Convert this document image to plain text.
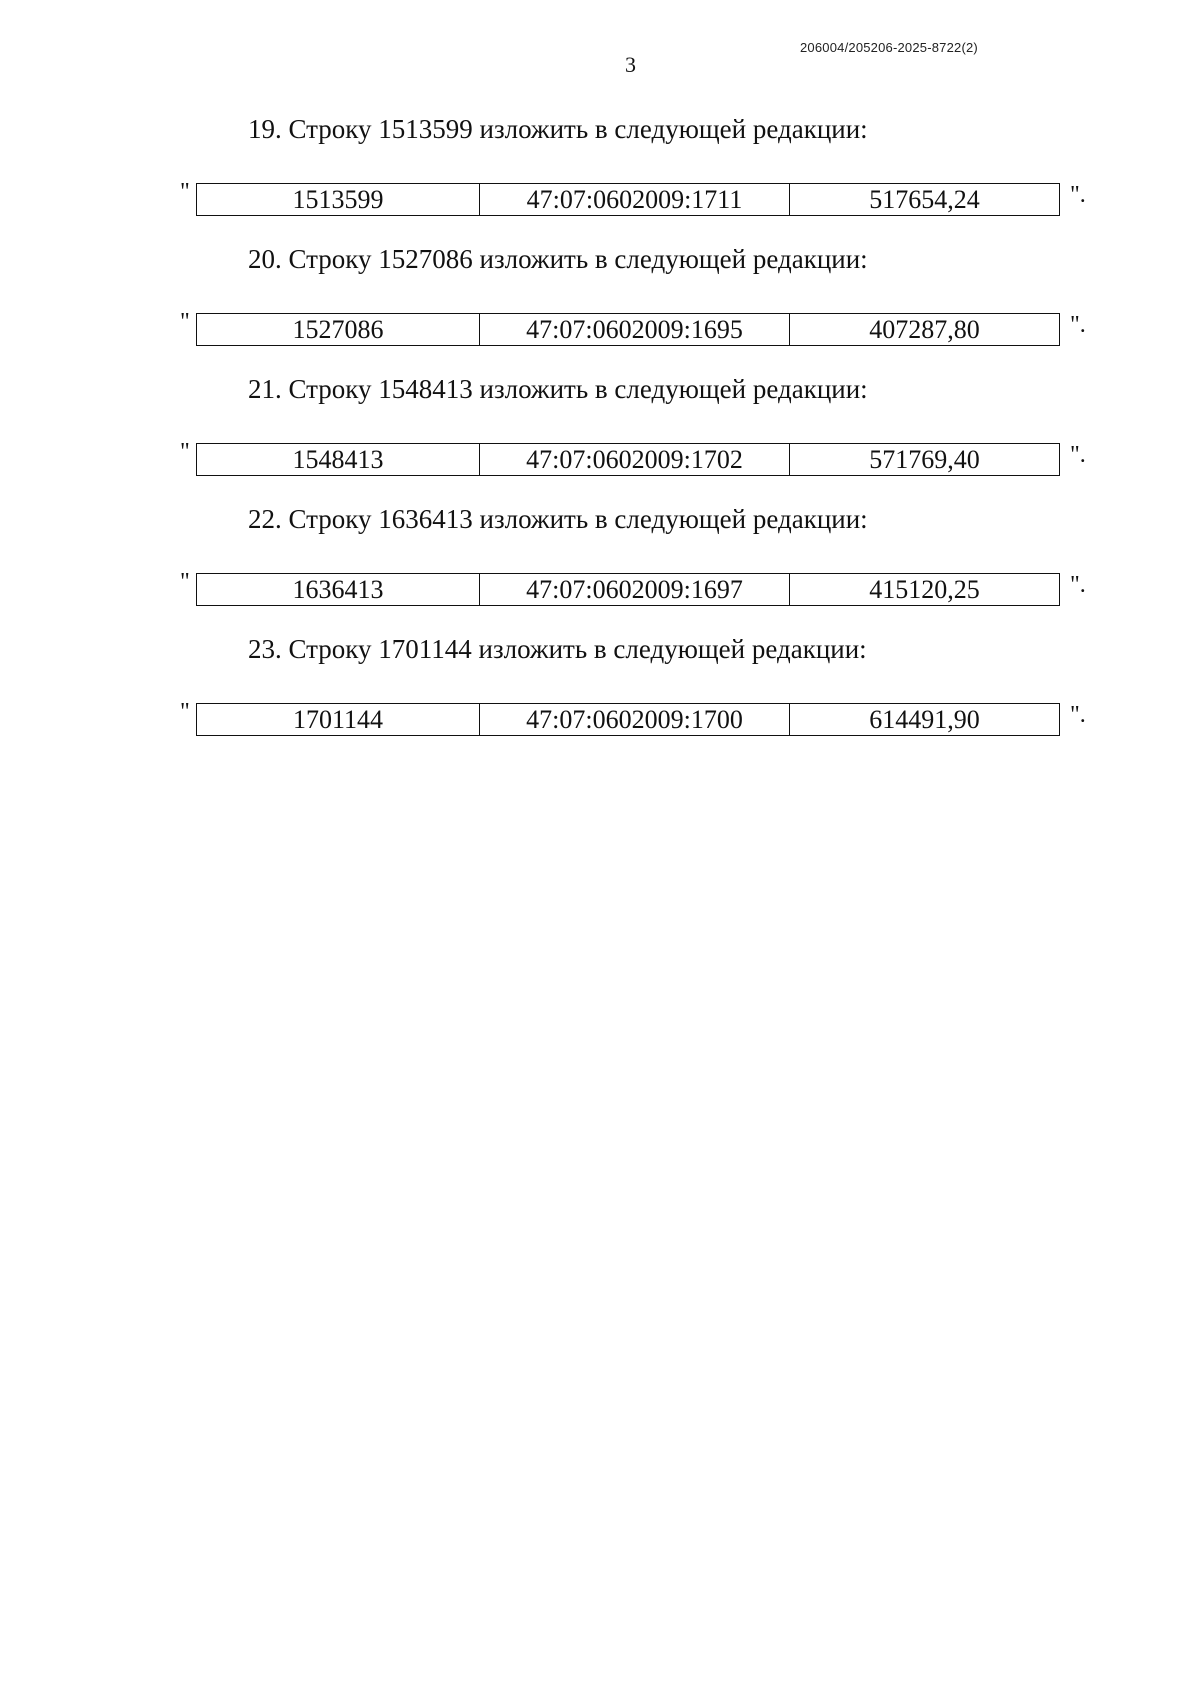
206004/205206-2025-8722(2)
3
19. Строку 1513599 изложить в следующей редакции:
"	1513599	47:07:0602009:1711	517654,24	".
20. Строку 1527086 изложить в следующей редакции:
"	1527086	47:07:0602009:1695	407287,80	".
21. Строку 1548413 изложить в следующей редакции:
"	1548413	47:07:0602009:1702	571769,40	".
22. Строку 1636413 изложить в следующей редакции:
"	1636413	47:07:0602009:1697	415120,25	".
23. Строку 1701144 изложить в следующей редакции:
"	1701144	47:07:0602009:1700	614491,90	".
